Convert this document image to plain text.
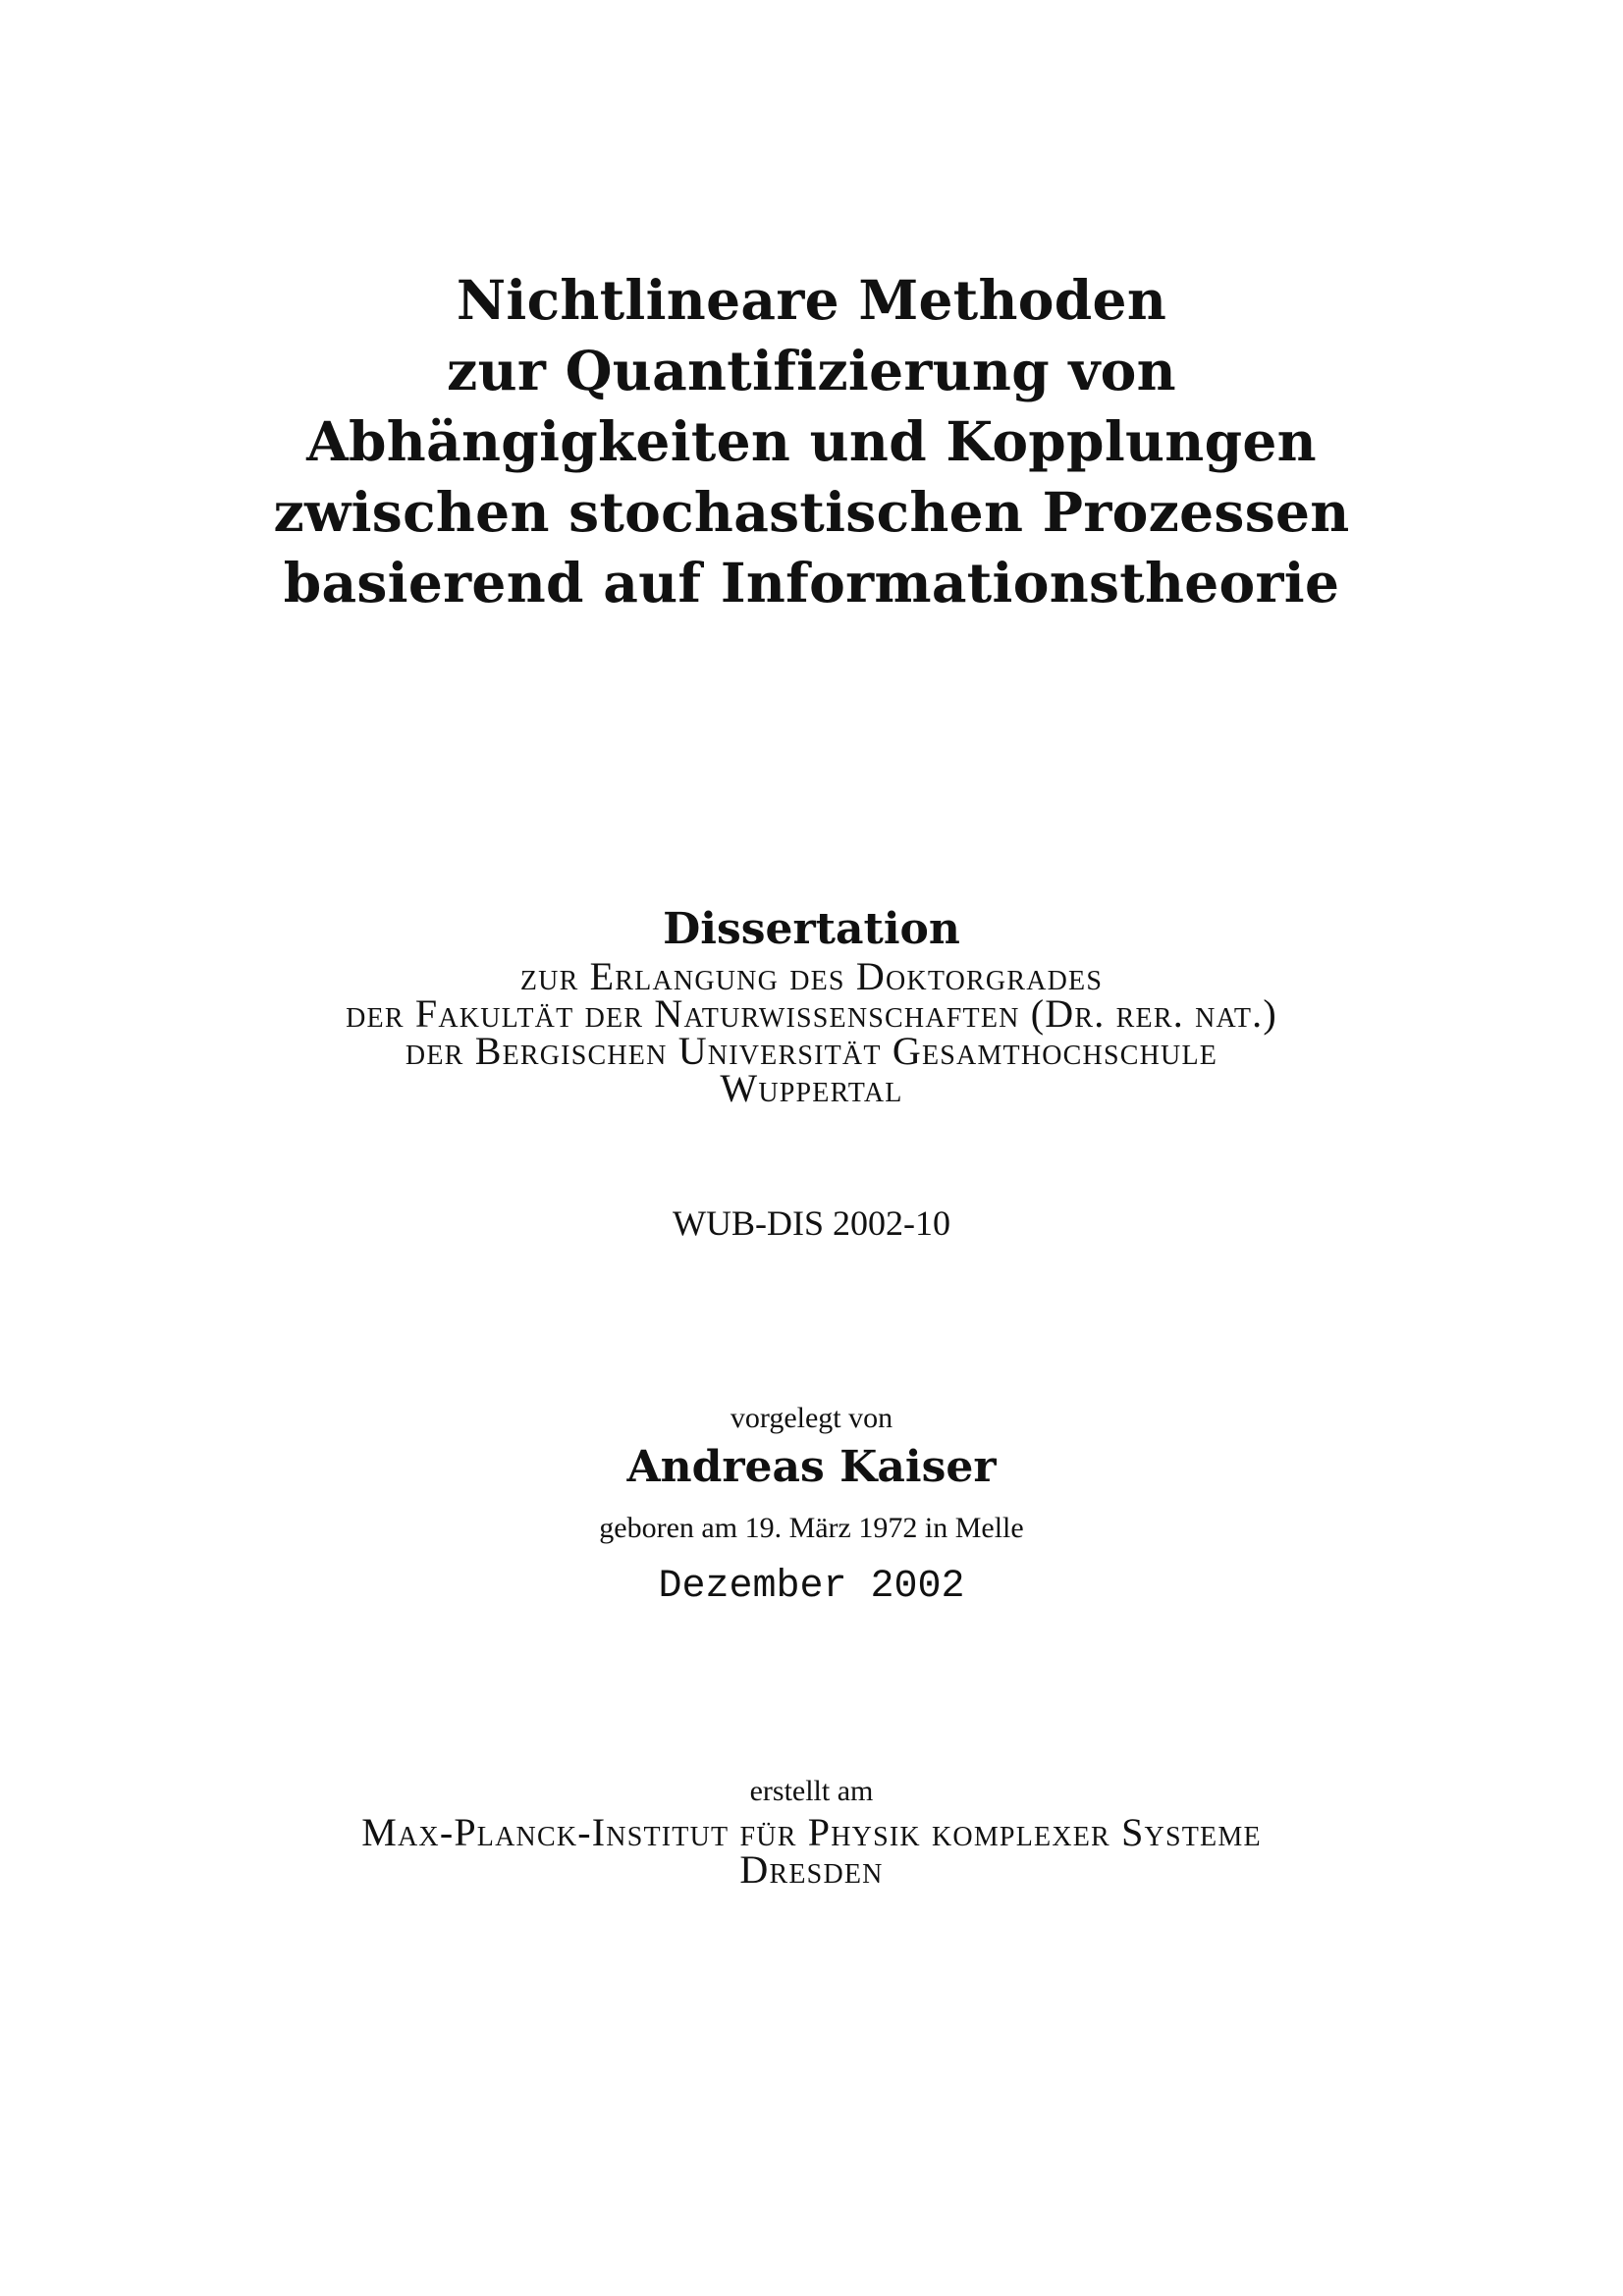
Nichtlineare Methoden
zur Quantifizierung von
Abhängigkeiten und Kopplungen
zwischen stochastischen Prozessen
basierend auf Informationstheorie
Dissertation
zur Erlangung des Doktorgrades
der Fakultät der Naturwissenschaften (Dr. rer. nat.)
der Bergischen Universität Gesamthochschule
Wuppertal
WUB-DIS 2002-10
vorgelegt von
Andreas Kaiser
geboren am 19. März 1972 in Melle
Dezember 2002
erstellt am
Max-Planck-Institut für Physik komplexer Systeme
Dresden
